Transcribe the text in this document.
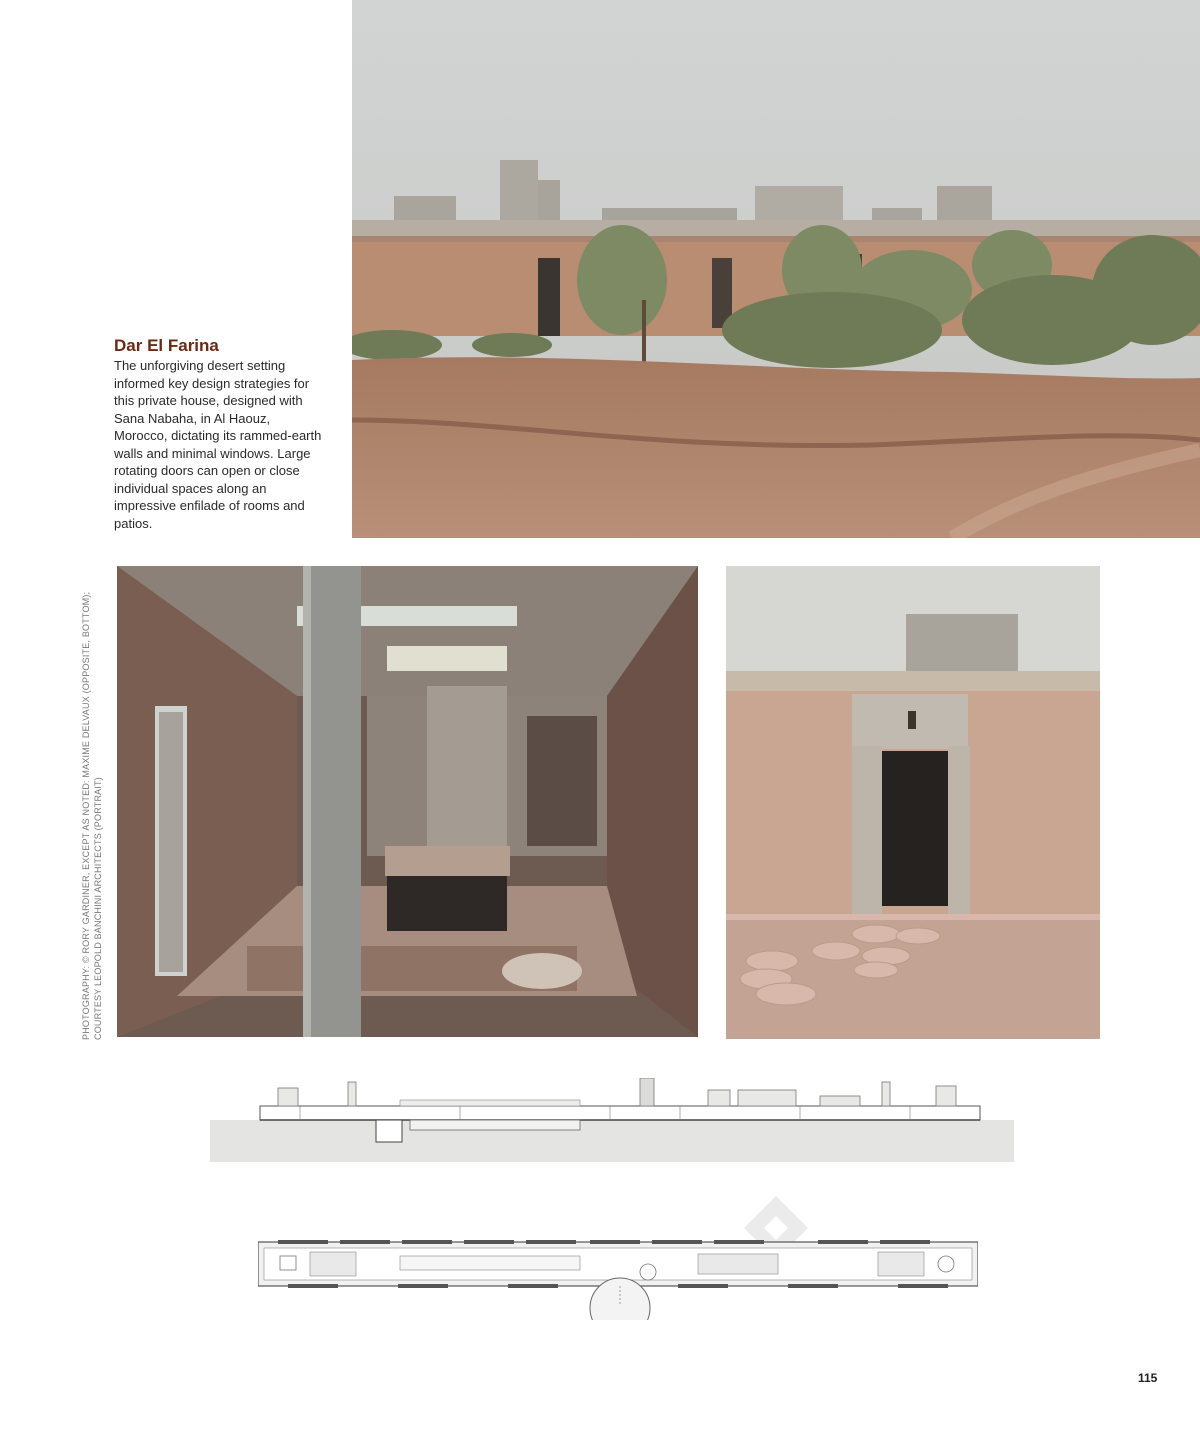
Dar El Farina

The unforgiving desert setting informed key design strategies for this private house, designed with Sana Nabaha, in Al Haouz, Morocco, dictating its rammed-earth walls and minimal windows. Large rotating doors can open or close individual spaces along an impressive enfilade of rooms and patios.

PHOTOGRAPHY: © RORY GARDINER, EXCEPT AS NOTED: MAXIME DELVAUX (OPPOSITE, BOTTOM); COURTESY LEOPOLD BANCHINI ARCHITECTS (PORTRAIT)
115
